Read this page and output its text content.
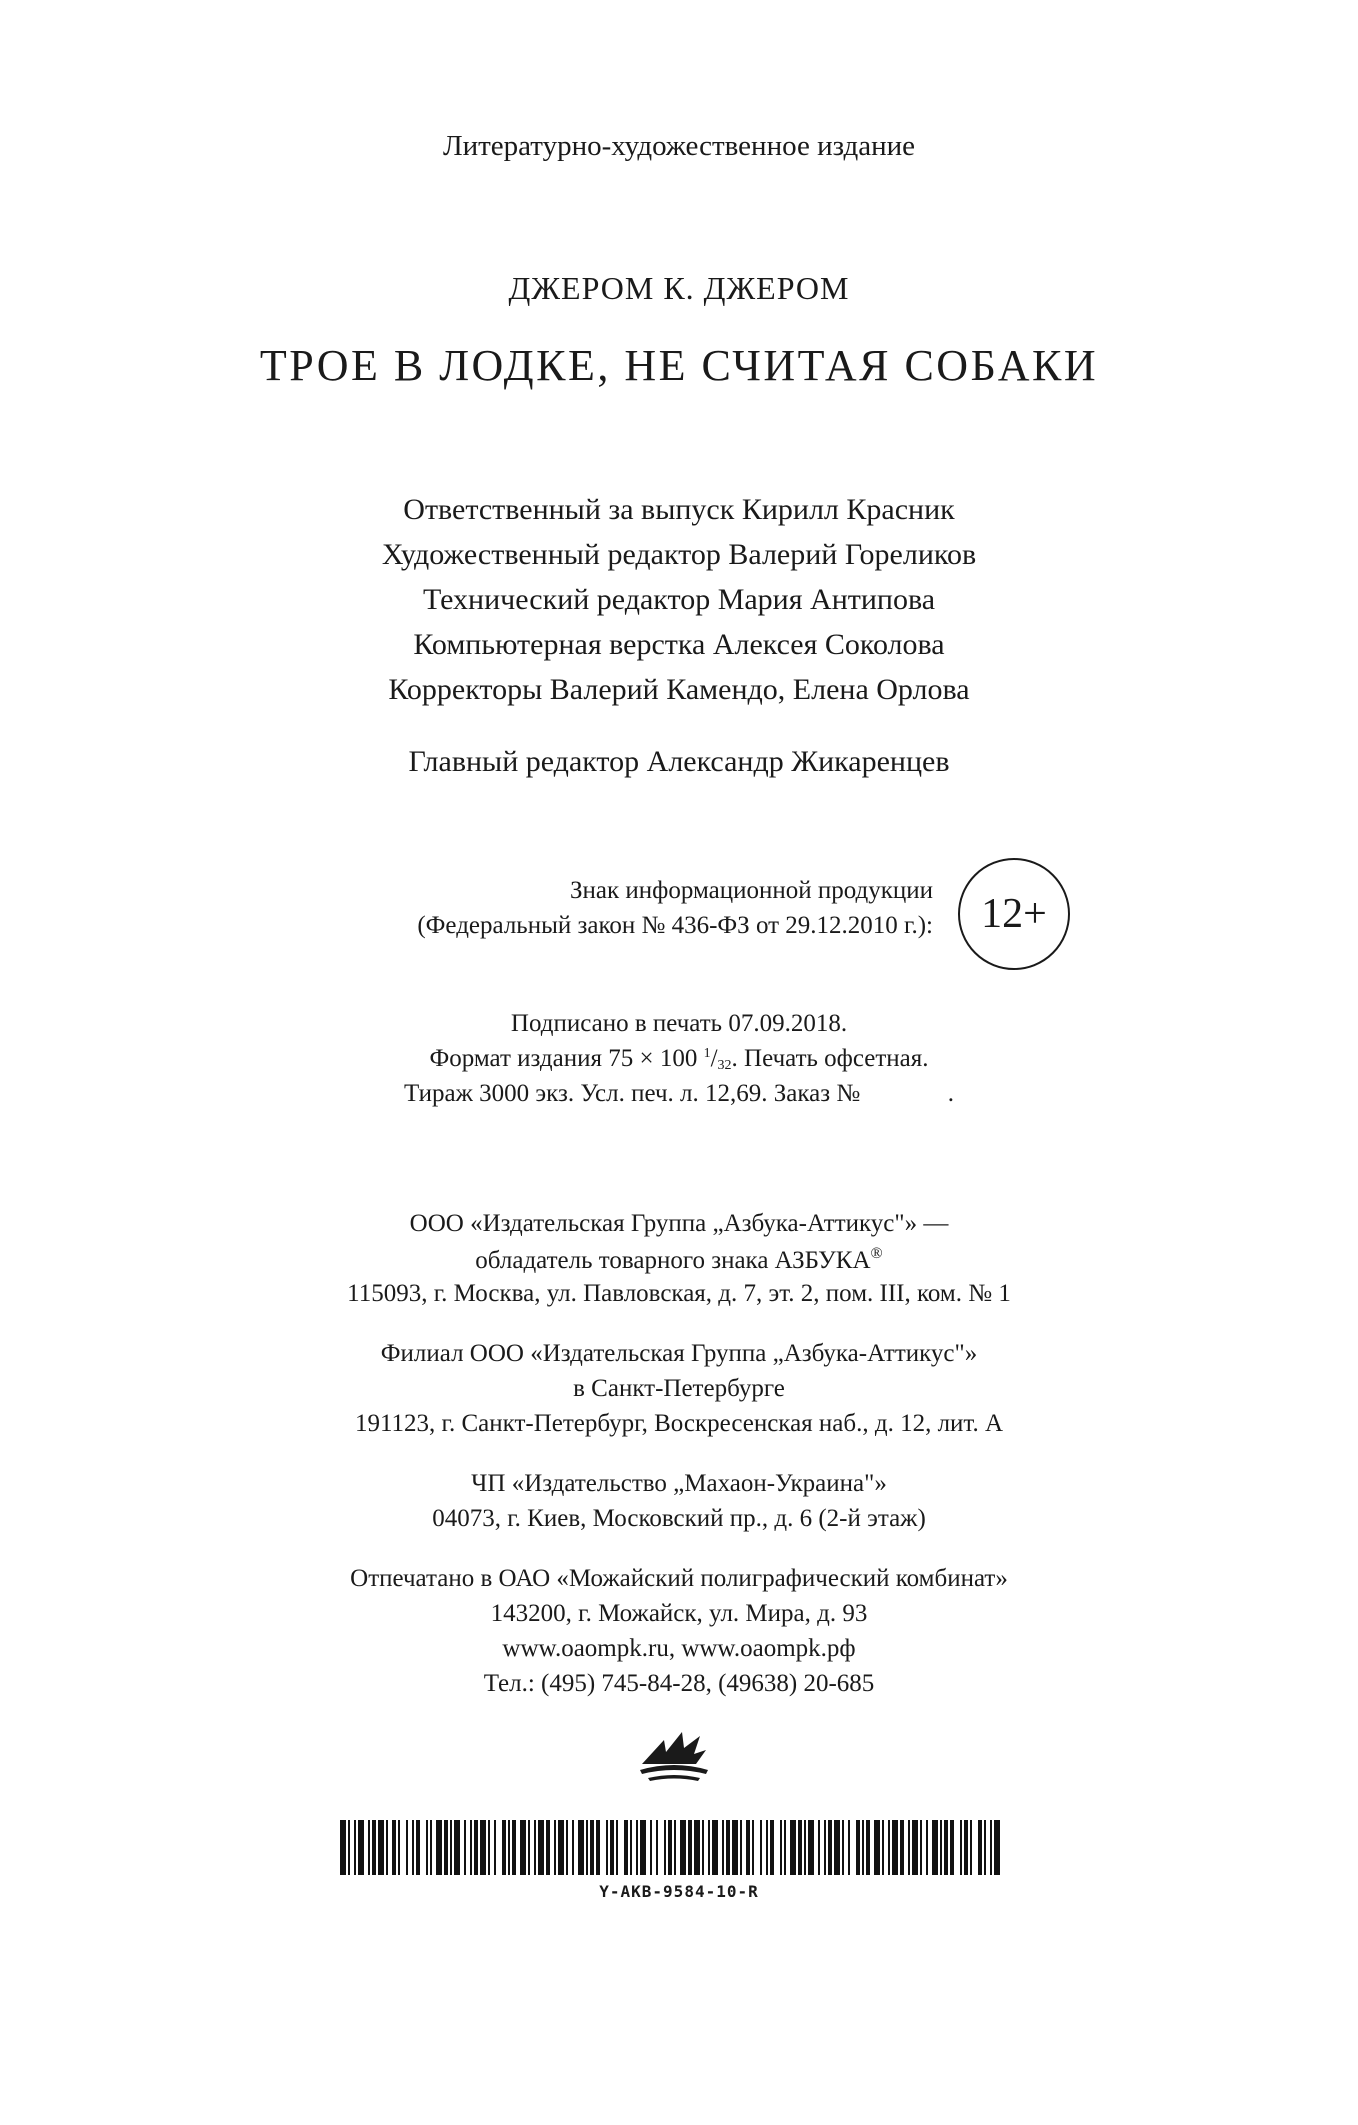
Литературно-художественное издание
ДЖЕРОМ К. ДЖЕРОМ
ТРОЕ В ЛОДКЕ, НЕ СЧИТАЯ СОБАКИ
Ответственный за выпуск Кирилл Красник
Художественный редактор Валерий Гореликов
Технический редактор Мария Антипова
Компьютерная верстка Алексея Соколова
Корректоры Валерий Камендо, Елена Орлова
Главный редактор Александр Жикаренцев
Знак информационной продукции
(Федеральный закон № 436-ФЗ от 29.12.2010 г.):	12+
Подписано в печать 07.09.2018.
Формат издания 75 × 100 $^1$/32. Печать офсетная.
Тираж 3000 экз. Усл. печ. л. 12,69. Заказ №              .
ООО «Издательская Группа „Азбука-Аттикус"» —
обладатель товарного знака АЗБУКА®
115093, г. Москва, ул. Павловская, д. 7, эт. 2, пом. III, ком. № 1
Филиал ООО «Издательская Группа „Азбука-Аттикус"»
в Санкт-Петербурге
191123, г. Санкт-Петербург, Воскресенская наб., д. 12, лит. А
ЧП «Издательство „Махаон-Украина"»
04073, г. Киев, Московский пр., д. 6 (2-й этаж)
Отпечатано в ОАО «Можайский полиграфический комбинат»
143200, г. Можайск, ул. Мира, д. 93
www.oaompk.ru, www.oaompk.рф
Тел.: (495) 745-84-28, (49638) 20-685
Y-AKB-9584-10-R
